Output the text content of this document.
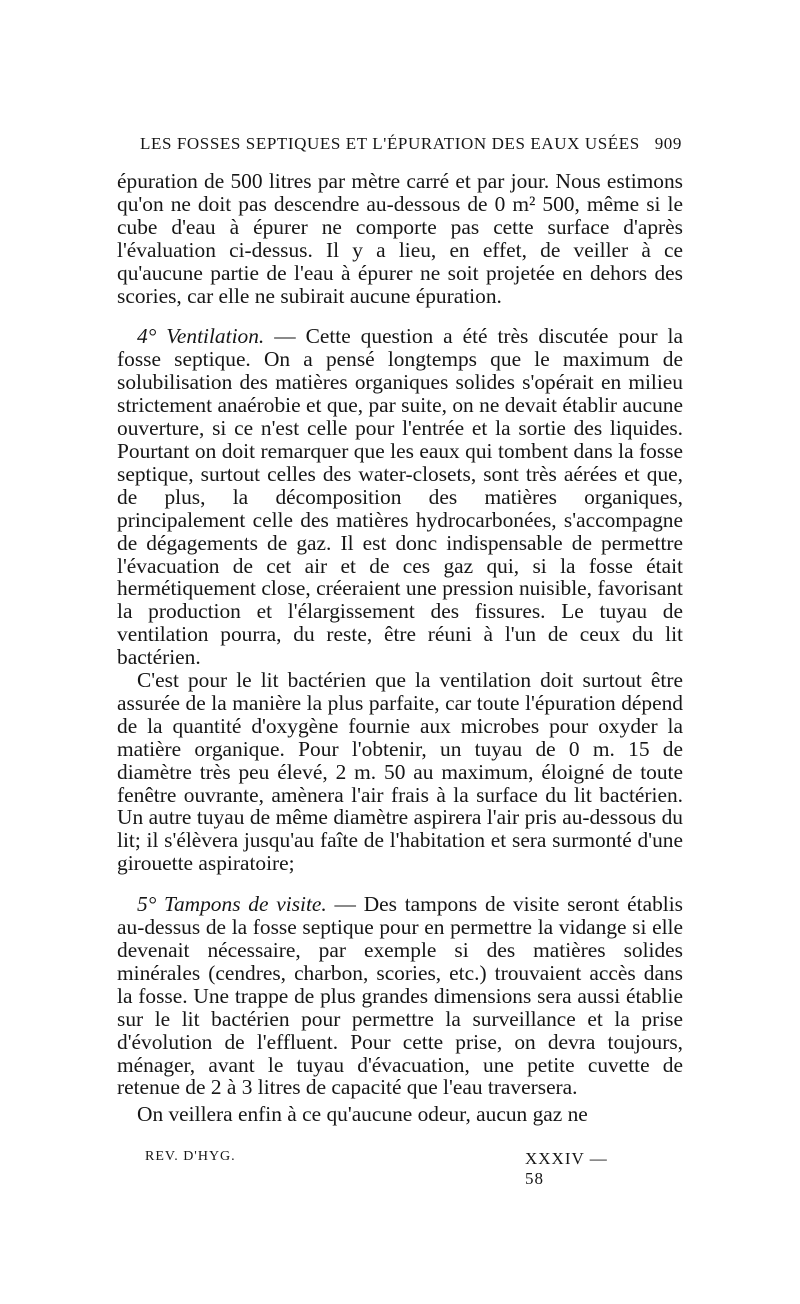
LES FOSSES SEPTIQUES ET L'ÉPURATION DES EAUX USÉES 909

épuration de 500 litres par mètre carré et par jour. Nous estimons qu'on ne doit pas descendre au-dessous de 0 m² 500, même si le cube d'eau à épurer ne comporte pas cette surface d'après l'évaluation ci-dessus. Il y a lieu, en effet, de veiller à ce qu'aucune partie de l'eau à épurer ne soit projetée en dehors des scories, car elle ne subirait aucune épuration.

4° Ventilation. — Cette question a été très discutée pour la fosse septique. On a pensé longtemps que le maximum de solubilisation des matières organiques solides s'opérait en milieu strictement anaérobie et que, par suite, on ne devait établir aucune ouverture, si ce n'est celle pour l'entrée et la sortie des liquides. Pourtant on doit remarquer que les eaux qui tombent dans la fosse septique, surtout celles des water-closets, sont très aérées et que, de plus, la décomposition des matières organiques, principalement celle des matières hydrocarbonées, s'accompagne de dégagements de gaz. Il est donc indispensable de permettre l'évacuation de cet air et de ces gaz qui, si la fosse était hermétiquement close, créeraient une pression nuisible, favorisant la production et l'élargissement des fissures. Le tuyau de ventilation pourra, du reste, être réuni à l'un de ceux du lit bactérien.

C'est pour le lit bactérien que la ventilation doit surtout être assurée de la manière la plus parfaite, car toute l'épuration dépend de la quantité d'oxygène fournie aux microbes pour oxyder la matière organique. Pour l'obtenir, un tuyau de 0 m. 15 de diamètre très peu élevé, 2 m. 50 au maximum, éloigné de toute fenêtre ouvrante, amènera l'air frais à la surface du lit bactérien. Un autre tuyau de même diamètre aspirera l'air pris au-dessous du lit; il s'élèvera jusqu'au faîte de l'habitation et sera surmonté d'une girouette aspiratoire;

5° Tampons de visite. — Des tampons de visite seront établis au-dessus de la fosse septique pour en permettre la vidange si elle devenait nécessaire, par exemple si des matières solides minérales (cendres, charbon, scories, etc.) trouvaient accès dans la fosse. Une trappe de plus grandes dimensions sera aussi établie sur le lit bactérien pour permettre la surveillance et la prise d'évolution de l'effluent. Pour cette prise, on devra toujours, ménager, avant le tuyau d'évacuation, une petite cuvette de retenue de 2 à 3 litres de capacité que l'eau traversera.

On veillera enfin à ce qu'aucune odeur, aucun gaz ne

REV. D'HYG.	XXXIV — 58
